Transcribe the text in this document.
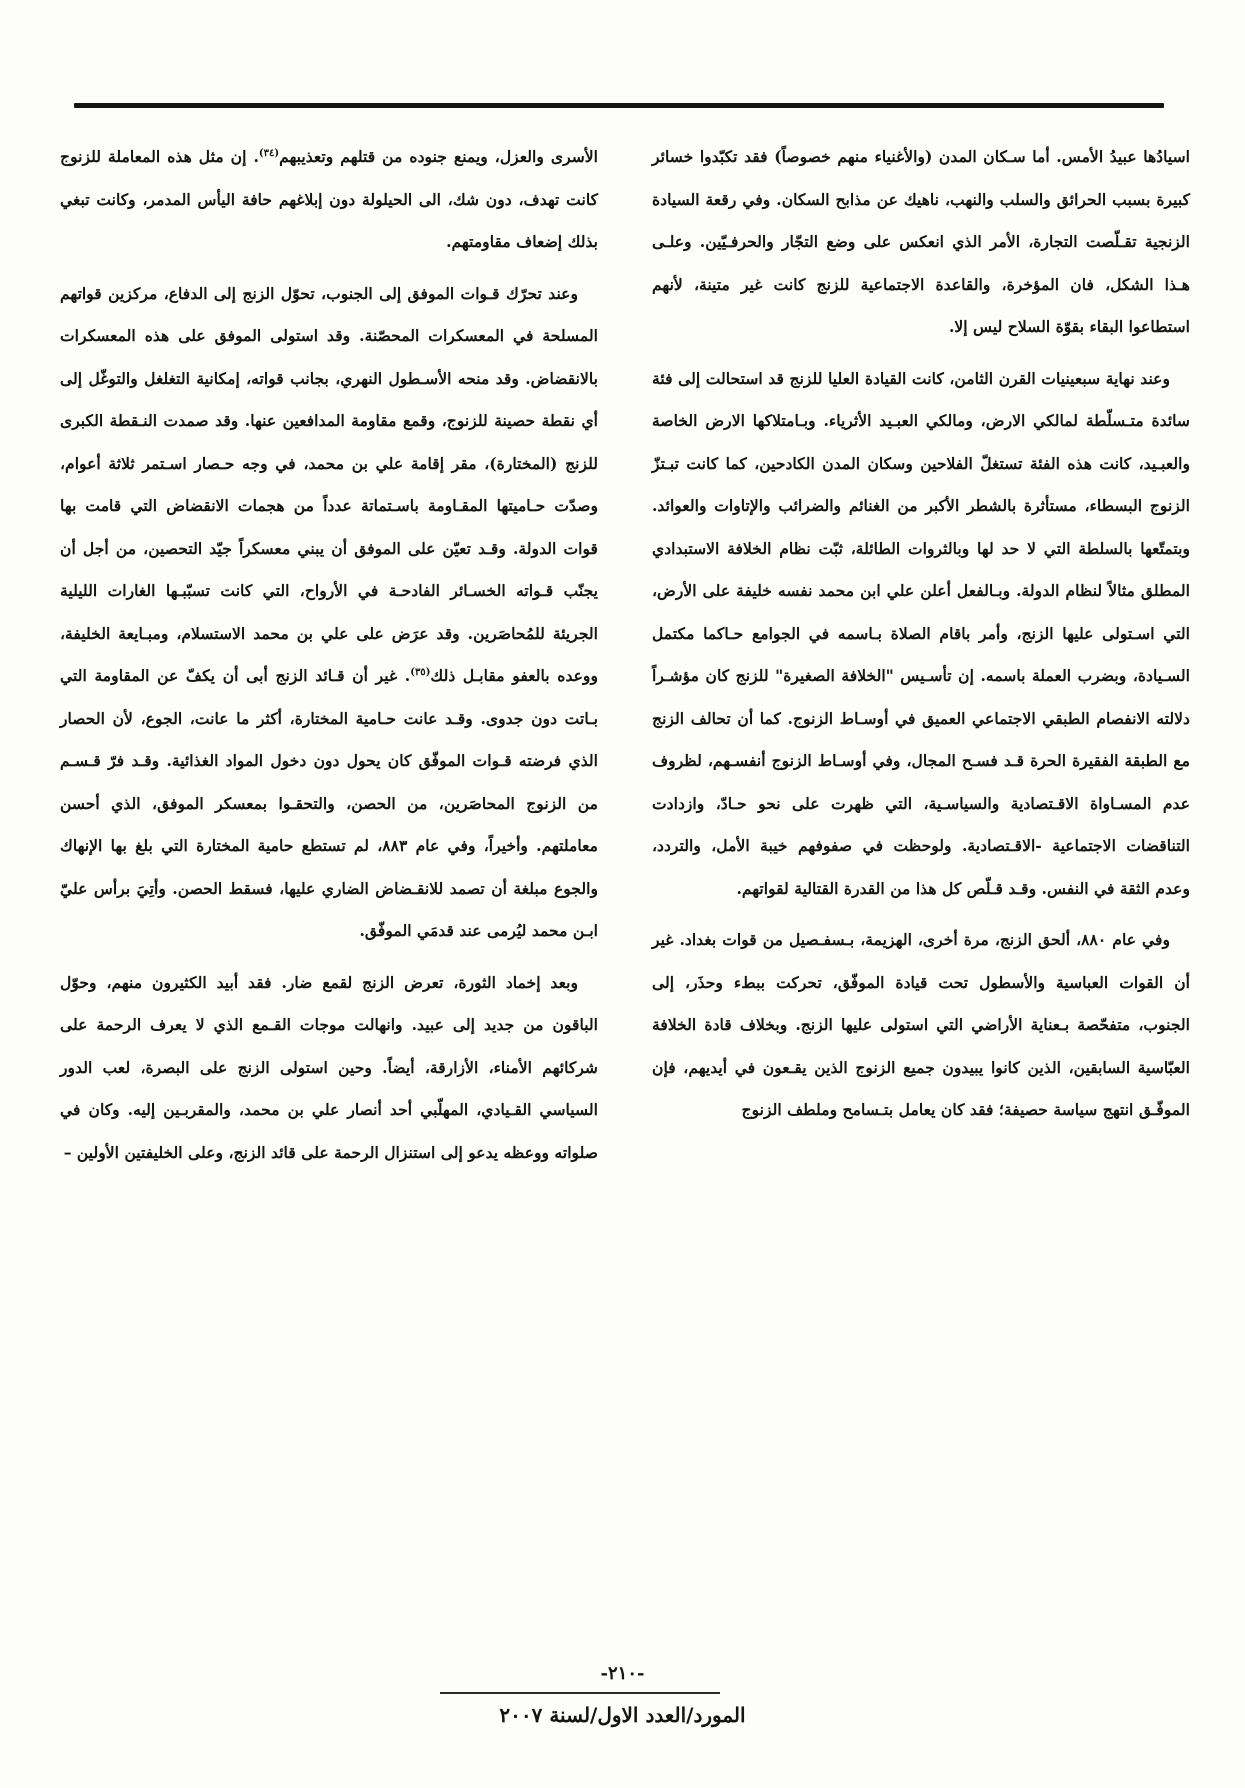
اسيادُها عبيدُ الأمس. أما سـكان المدن (والأغنياء منهم خصوصاً) فقد تكبّدوا خسائر كبيرة بسبب الحرائق والسلب والنهب، ناهيك عن مذابح السكان. وفي رقعة السيادة الزنجية تقـلّصت التجارة، الأمر الذي انعكس على وضع التجّار والحرفـيّين. وعلـى هـذا الشكل، فان المؤخرة، والقاعدة الاجتماعية للزنج كانت غير متينة، لأنهم استطاعوا البقاء بقوّة السلاح ليس إلا.

وعند نهاية سبعينيات القرن الثامن، كانت القيادة العليا للزنج قد استحالت إلى فئة سائدة متـسلّطة لمالكي الارض، ومالكي العبـيد الأثرياء. وبـامتلاكها الارض الخاصة والعبـيد، كانت هذه الفئة تستغلّ الفلاحين وسكان المدن الكادحين، كما كانت تبـتزّ الزنوج البسطاء، مستأثرة بالشطر الأكبر من الغنائم والضرائب والإتاوات والعوائد. وبتمتّعها بالسلطة التي لا حد لها وبالثروات الطائلة، ثبّت نظام الخلافة الاستبدادي المطلق مثالاً لنظام الدولة. وبـالفعل أعلن علي ابن محمد نفسه خليفة على الأرض، التي اسـتولى عليها الزنج، وأمر باقام الصلاة بـاسمه في الجوامع حـاكما مكتمل السـيادة، وبضرب العملة باسمه. إن تأسـيس "الخلافة الصغيرة" للزنج كان مؤشـراً دلالته الانفصام الطبقي الاجتماعي العميق في أوسـاط الزنوج. كما أن تحالف الزنج مع الطبقة الفقيرة الحرة قـد فسـح المجال، وفي أوسـاط الزنوج أنفسـهم، لظروف عدم المسـاواة الاقـتصادية والسياسـية، التي ظهرت على نحو حـادّ، وازدادت التناقضات الاجتماعية -الاقـتصادية. ولوحظت في صفوفهم خيبة الأمل، والتردد، وعدم الثقة في النفس. وقـد قـلّص كل هذا من القدرة القتالية لقواتهم.

وفي عام ٨٨٠، ألحق الزنج، مرة أخرى، الهزيمة، بـسفـصيل من قوات بغداد. غير أن القوات العباسية والأسطول تحت قيادة الموفّق، تحركت ببطء وحذَر، إلى الجنوب، متفحّصة بـعناية الأراضي التي استولى عليها الزنج. وبخلاف قادة الخلافة العبّاسية السابقين، الذين كانوا يبيدون جميع الزنوج الذين يقـعون في أيديهم، فإن الموفّـق انتهج سياسة حصيفة؛ فقد كان يعامل بتـسامح وملطف الزنوج

الأسرى والعزل، ويمنع جنوده من قتلهم وتعذيبهم$^{(٣٤)}$. إن مثل هذه المعاملة للزنوج كانت تهدف، دون شك، الى الحيلولة دون إبلاغهم حافة اليأس المدمر، وكانت تبغي بذلك إضعاف مقاومتهم.

وعند تحرّك قـوات الموفق إلى الجنوب، تحوّل الزنج إلى الدفاع، مركزين قواتهم المسلحة في المعسكرات المحصّنة. وقد استولى الموفق على هذه المعسكرات بالانقضاض. وقد منحه الأسـطول النهري، بجانب قواته، إمكانية التغلغل والتوغّل إلى أي نقطة حصينة للزنوج، وقمع مقاومة المدافعين عنها. وقد صمدت النـقطة الكبرى للزنج (المختارة)، مقر إقامة علي بن محمد، في وجه حـصار اسـتمر ثلاثة أعوام، وصدّت حـاميتها المقـاومة باسـتماتة عدداً من هجمات الانقضاض التي قامت بها قوات الدولة. وقـد تعيّن على الموفق أن يبني معسكراً جيّد التحصين، من أجل أن يجنّب قـواته الخسـائر الفادحـة في الأرواح، التي كانت تسبّبـها الغارات الليلية الجريئة للمُحاصَرين. وقد عرَض على علي بن محمد الاستسلام، ومبـايعة الخليفة، ووعده بالعفو مقابـل ذلك$^{(٣٥)}$. غير أن قـائد الزنج أبى أن يكفّ عن المقاومة التي بـاتت دون جدوى. وقـد عانت حـامية المختارة، أكثر ما عانت، الجوع، لأن الحصار الذي فرضته قـوات الموفّق كان يحول دون دخول المواد الغذائية. وقـد فرّ قـسـم من الزنوج المحاصَرين، من الحصن، والتحقـوا بمعسكر الموفق، الذي أحسن معاملتهم. وأخيراً، وفي عام ٨٨٣، لم تستطع حامية المختارة التي بلغ بها الإنهاك والجوع مبلغة أن تصمد للانقـضاض الضاري عليها، فسقط الحصن. وأتِيَ برأس عليّ ابـن محمد ليُرمى عند قدمَي الموفّق.

وبعد إخماد الثورة، تعرض الزنج لقمع ضار. فقد أبيد الكثيرون منهم، وحوّل الباقون من جديد إلى عبيد. وانهالت موجات القـمع الذي لا يعرف الرحمة على شركائهم الأمناء، الأزارقة، أيضاً. وحين استولى الزنج على البصرة، لعب الدور السياسي القـيادي، المهلّبي أحد أنصار علي بن محمد، والمقربـين إليه. وكان في صلواته ووعظه يدعو إلى استنزال الرحمة على قائد الزنج، وعلى الخليفتين الأولين –

-٢١٠-
المورد/العدد الاول/لسنة ٢٠٠٧
